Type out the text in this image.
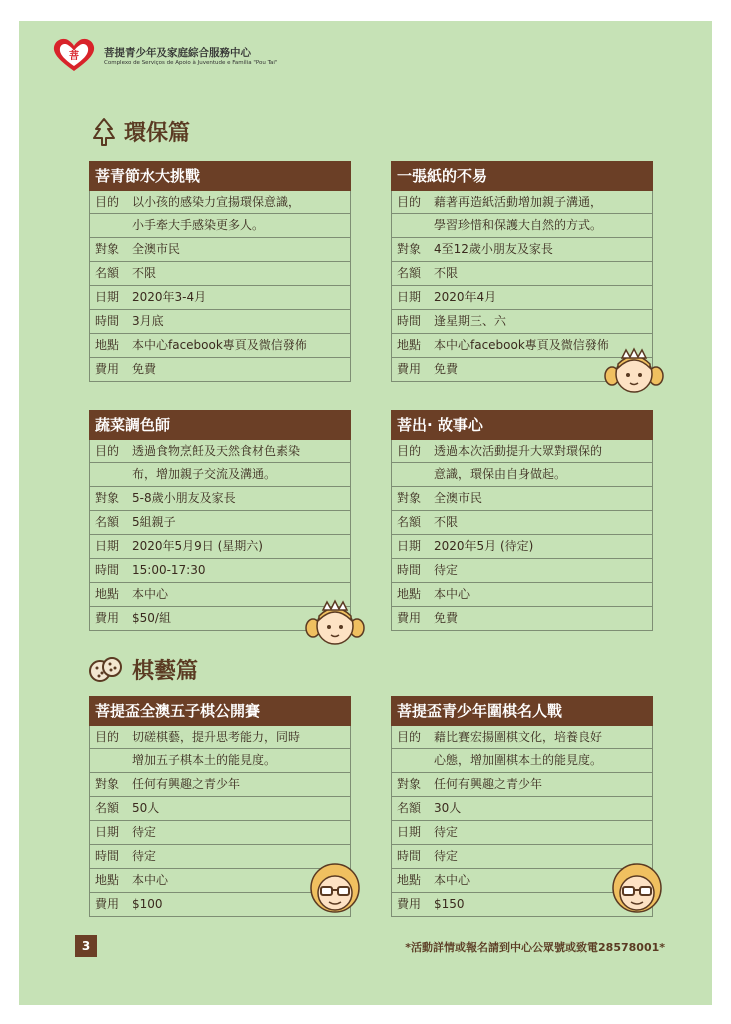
菩 菩提青少年及家庭綜合服務中心
Complexo de Serviços de Apoio à Juventude e Família "Pou Tai"
環保篇
菩青節水大挑戰
目的	以小孩的感染力宣揚環保意識，
小手牽大手感染更多人。
對象	全澳市民
名額	不限
日期	2020年3-4月
時間	3月底
地點	本中心facebook專頁及微信發佈
費用	免費
一張紙的不易
目的	藉著再造紙活動增加親子溝通，
學習珍惜和保護大自然的方式。
對象	4至12歲小朋友及家長
名額	不限
日期	2020年4月
時間	逢星期三、六
地點	本中心facebook專頁及微信發佈
費用	免費
蔬菜調色師
目的	透過食物烹飪及天然食材色素染
布，增加親子交流及溝通。
對象	5-8歲小朋友及家長
名額	5組親子
日期	2020年5月9日 (星期六)
時間	15:00-17:30
地點	本中心
費用	$50/組
菩出· 故事心
目的	透過本次活動提升大眾對環保的
意識，環保由自身做起。
對象	全澳市民
名額	不限
日期	2020年5月 (待定)
時間	待定
地點	本中心
費用	免費
菩提盃全澳五子棋公開賽
目的	切磋棋藝，提升思考能力，同時
增加五子棋本土的能見度。
對象	任何有興趣之青少年
名額	50人
日期	待定
時間	待定
地點	本中心
費用	$100
菩提盃青少年圍棋名人戰
目的	藉比賽宏揚圍棋文化，培養良好
心態，增加圍棋本土的能見度。
對象	任何有興趣之青少年
名額	30人
日期	待定
時間	待定
地點	本中心
費用	$150
棋藝篇
3	*活動詳情或報名請到中心公眾號或致電28578001*
